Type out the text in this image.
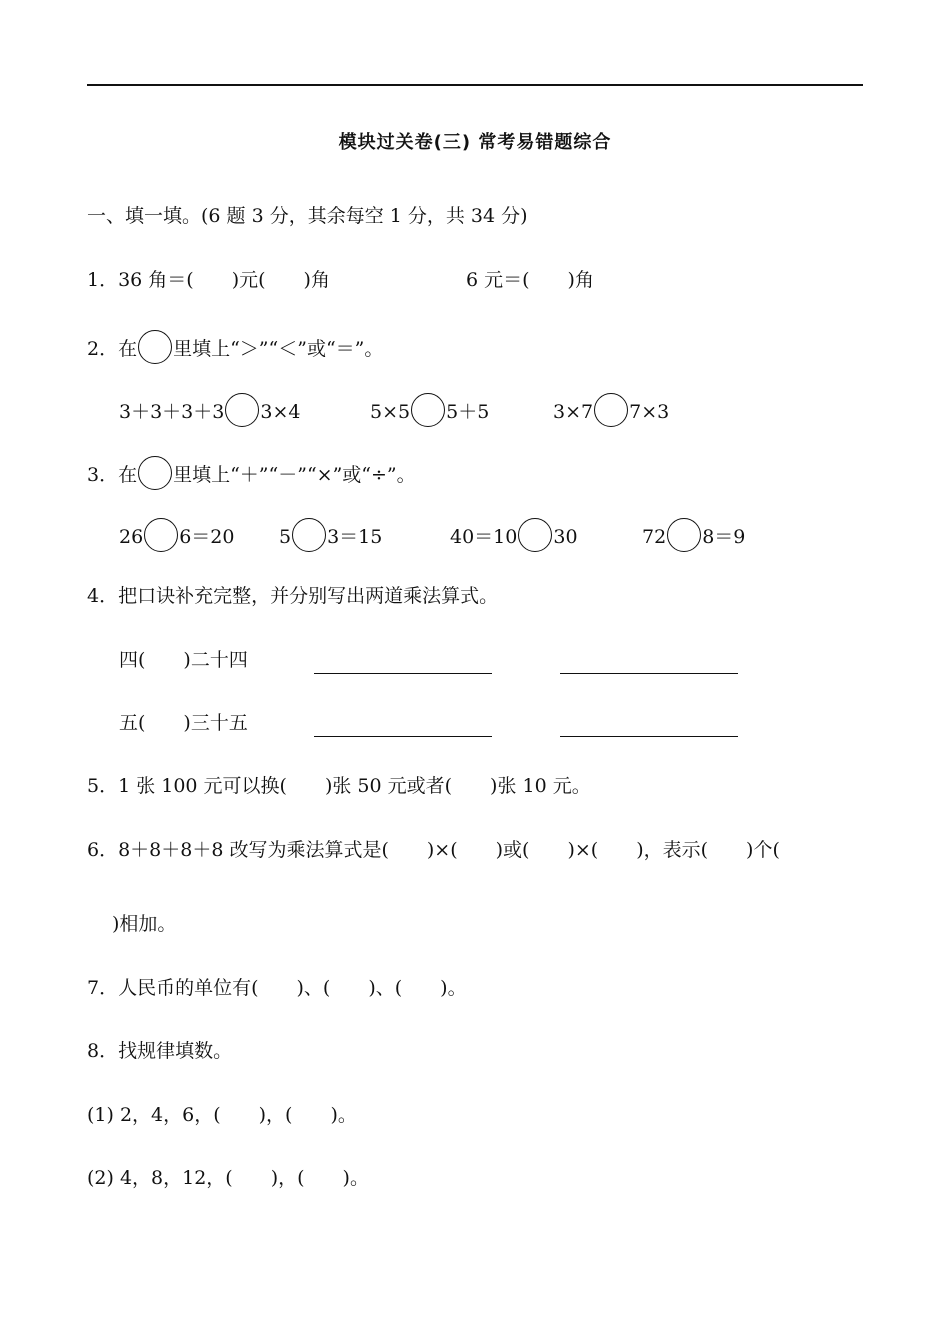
模块过关卷(三) 常考易错题综合
一、填一填。(6 题 3 分，其余每空 1 分，共 34 分)
1．36 角＝(　　)元(　　)角	6 元＝(　　)角
2．在 里填上“＞”“＜”或“＝”。
3＋3＋3＋3 3×4	5×5 5＋5	3×7 7×3
3．在 里填上“＋”“－”“×”或“÷”。
26 6＝20 5 3＝15	40＝10 30	72 8＝9
4．把口诀补充完整，并分别写出两道乘法算式。
四(　　)二十四
五(　　)三十五
5．1 张 100 元可以换(　　)张 50 元或者(　　)张 10 元。
6．8＋8＋8＋8 改写为乘法算式是(　　)×(　　)或(　　)×(　　)，表示(　　)个(
)相加。
7．人民币的单位有(　　)、(　　)、(　　)。
8．找规律填数。
(1) 2，4，6，(　　)，(　　)。
(2) 4，8，12，(　　)，(　　)。
